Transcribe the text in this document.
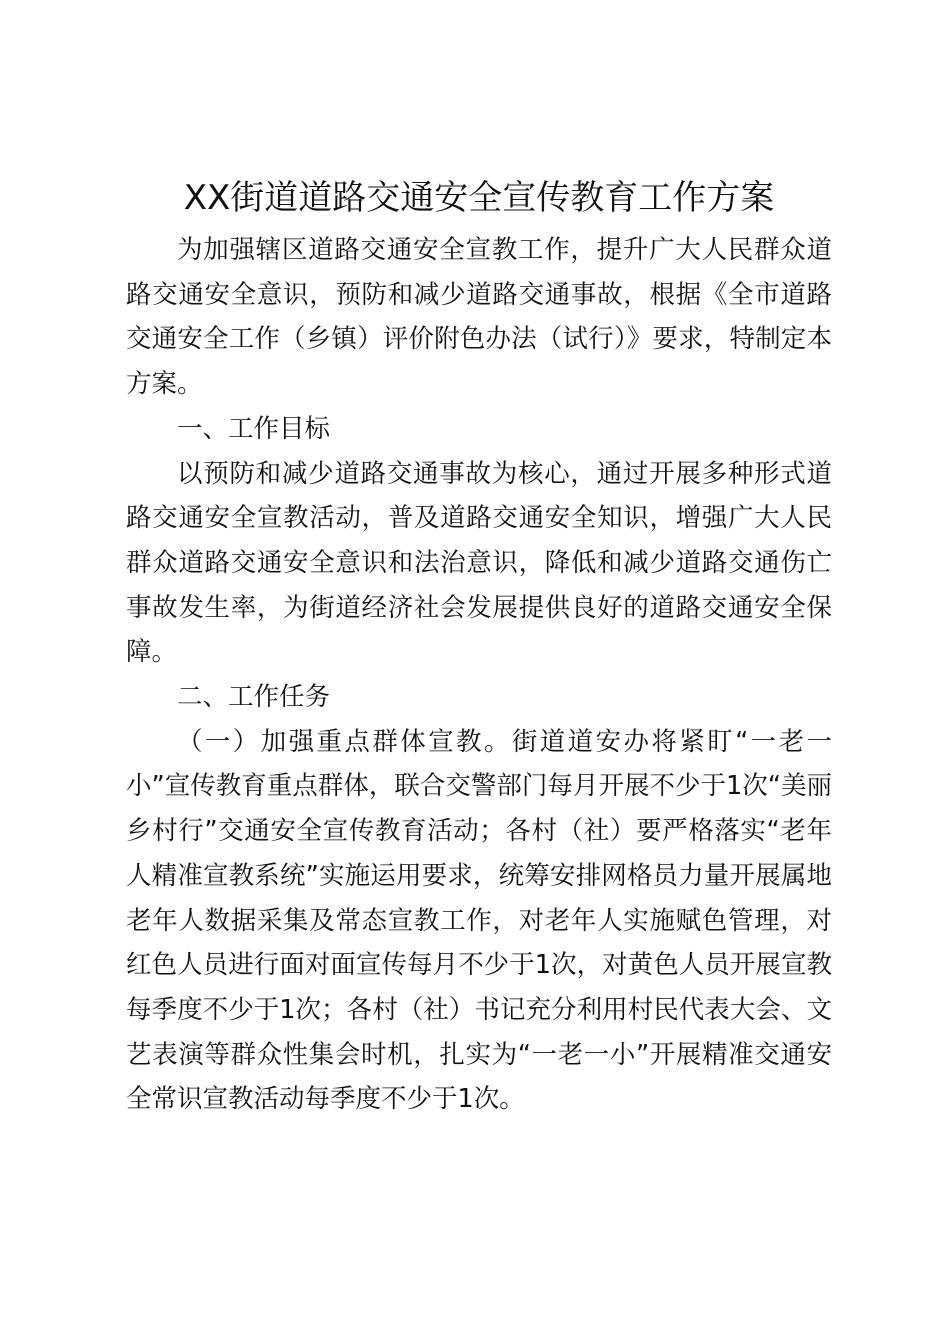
XX街道道路交通安全宣传教育工作方案

为加强辖区道路交通安全宣教工作，提升广大人民群众道路交通安全意识，预防和减少道路交通事故，根据《全市道路交通安全工作（乡镇）评价附色办法（试行）》要求，特制定本方案。

一、工作目标

以预防和减少道路交通事故为核心，通过开展多种形式道路交通安全宣教活动，普及道路交通安全知识，增强广大人民群众道路交通安全意识和法治意识，降低和减少道路交通伤亡事故发生率，为街道经济社会发展提供良好的道路交通安全保障。

二、工作任务

（一）加强重点群体宣教。街道道安办将紧盯“一老一小”宣传教育重点群体，联合交警部门每月开展不少于1次“美丽乡村行”交通安全宣传教育活动；各村（社）要严格落实“老年人精准宣教系统”实施运用要求，统筹安排网格员力量开展属地老年人数据采集及常态宣教工作，对老年人实施赋色管理，对红色人员进行面对面宣传每月不少于1次，对黄色人员开展宣教每季度不少于1次；各村（社）书记充分利用村民代表大会、文艺表演等群众性集会时机，扎实为“一老一小”开展精准交通安全常识宣教活动每季度不少于1次。
